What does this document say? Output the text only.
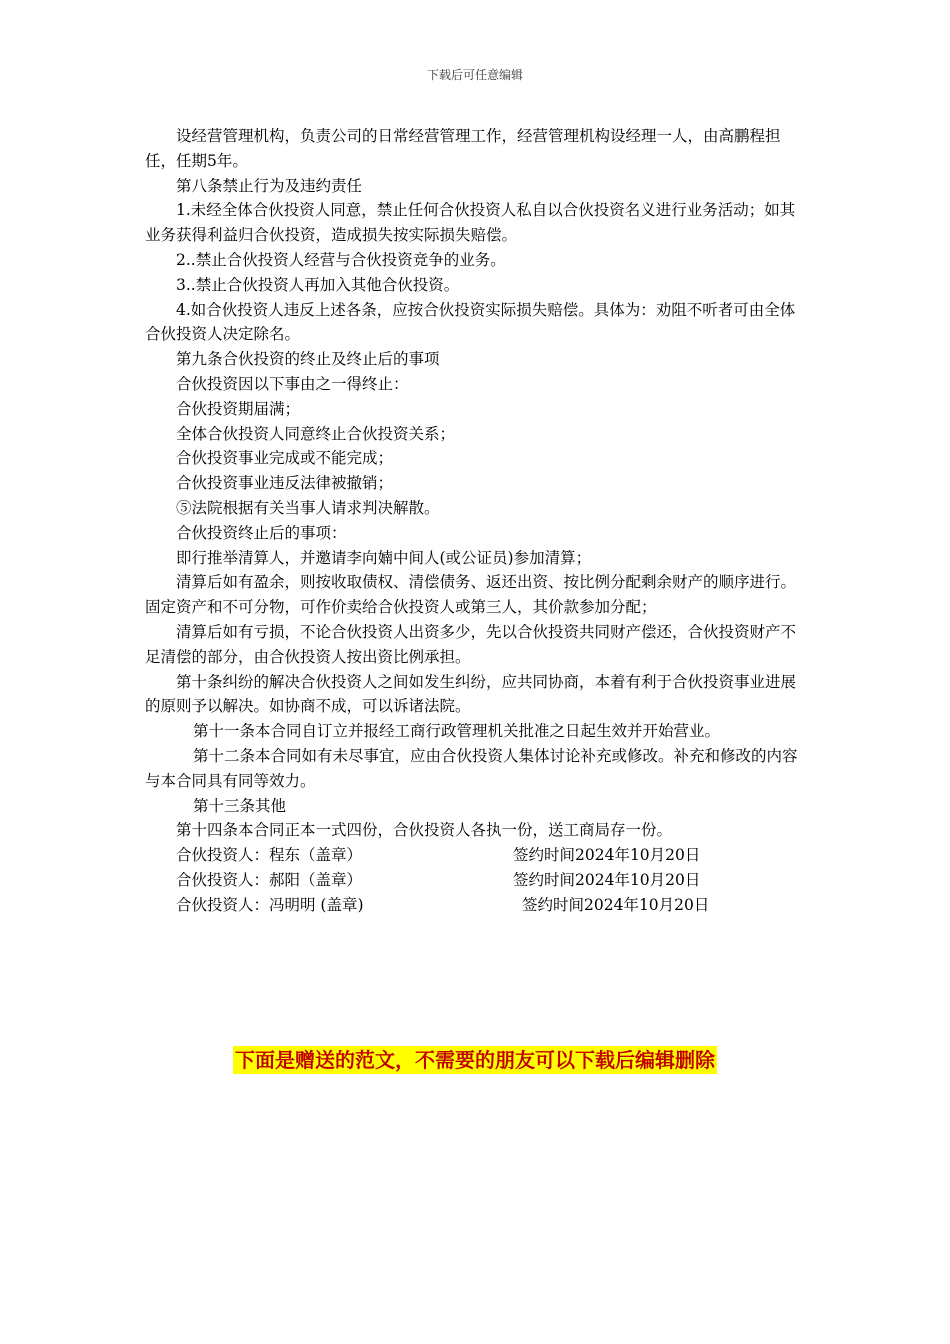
下载后可任意编辑

设经营管理机构，负责公司的日常经营管理工作，经营管理机构设经理一人，由高鹏程担任，任期5年。

第八条禁止行为及违约责任

1.未经全体合伙投资人同意，禁止任何合伙投资人私自以合伙投资名义进行业务活动；如其业务获得利益归合伙投资，造成损失按实际损失赔偿。

2..禁止合伙投资人经营与合伙投资竞争的业务。

3..禁止合伙投资人再加入其他合伙投资。

4.如合伙投资人违反上述各条，应按合伙投资实际损失赔偿。具体为：劝阻不听者可由全体合伙投资人决定除名。

第九条合伙投资的终止及终止后的事项

合伙投资因以下事由之一得终止：

合伙投资期届满；

全体合伙投资人同意终止合伙投资关系；

合伙投资事业完成或不能完成；

合伙投资事业违反法律被撤销；

⑤法院根据有关当事人请求判决解散。

合伙投资终止后的事项：

即行推举清算人，并邀请李向婻中间人(或公证员)参加清算；

清算后如有盈余，则按收取债权、清偿债务、返还出资、按比例分配剩余财产的顺序进行。固定资产和不可分物，可作价卖给合伙投资人或第三人，其价款参加分配；

清算后如有亏损，不论合伙投资人出资多少，先以合伙投资共同财产偿还，合伙投资财产不足清偿的部分，由合伙投资人按出资比例承担。

第十条纠纷的解决合伙投资人之间如发生纠纷，应共同协商，本着有利于合伙投资事业进展的原则予以解决。如协商不成，可以诉诸法院。

第十一条本合同自订立并报经工商行政管理机关批准之日起生效并开始营业。

第十二条本合同如有未尽事宜，应由合伙投资人集体讨论补充或修改。补充和修改的内容与本合同具有同等效力。

第十三条其他

第十四条本合同正本一式四份，合伙投资人各执一份，送工商局存一份。

合伙投资人：程东（盖章）	签约时间2024年10月20日
合伙投资人：郝阳（盖章）	签约时间2024年10月20日
合伙投资人：冯明明 (盖章)	签约时间2024年10月20日
下面是赠送的范文，不需要的朋友可以下载后编辑删除
